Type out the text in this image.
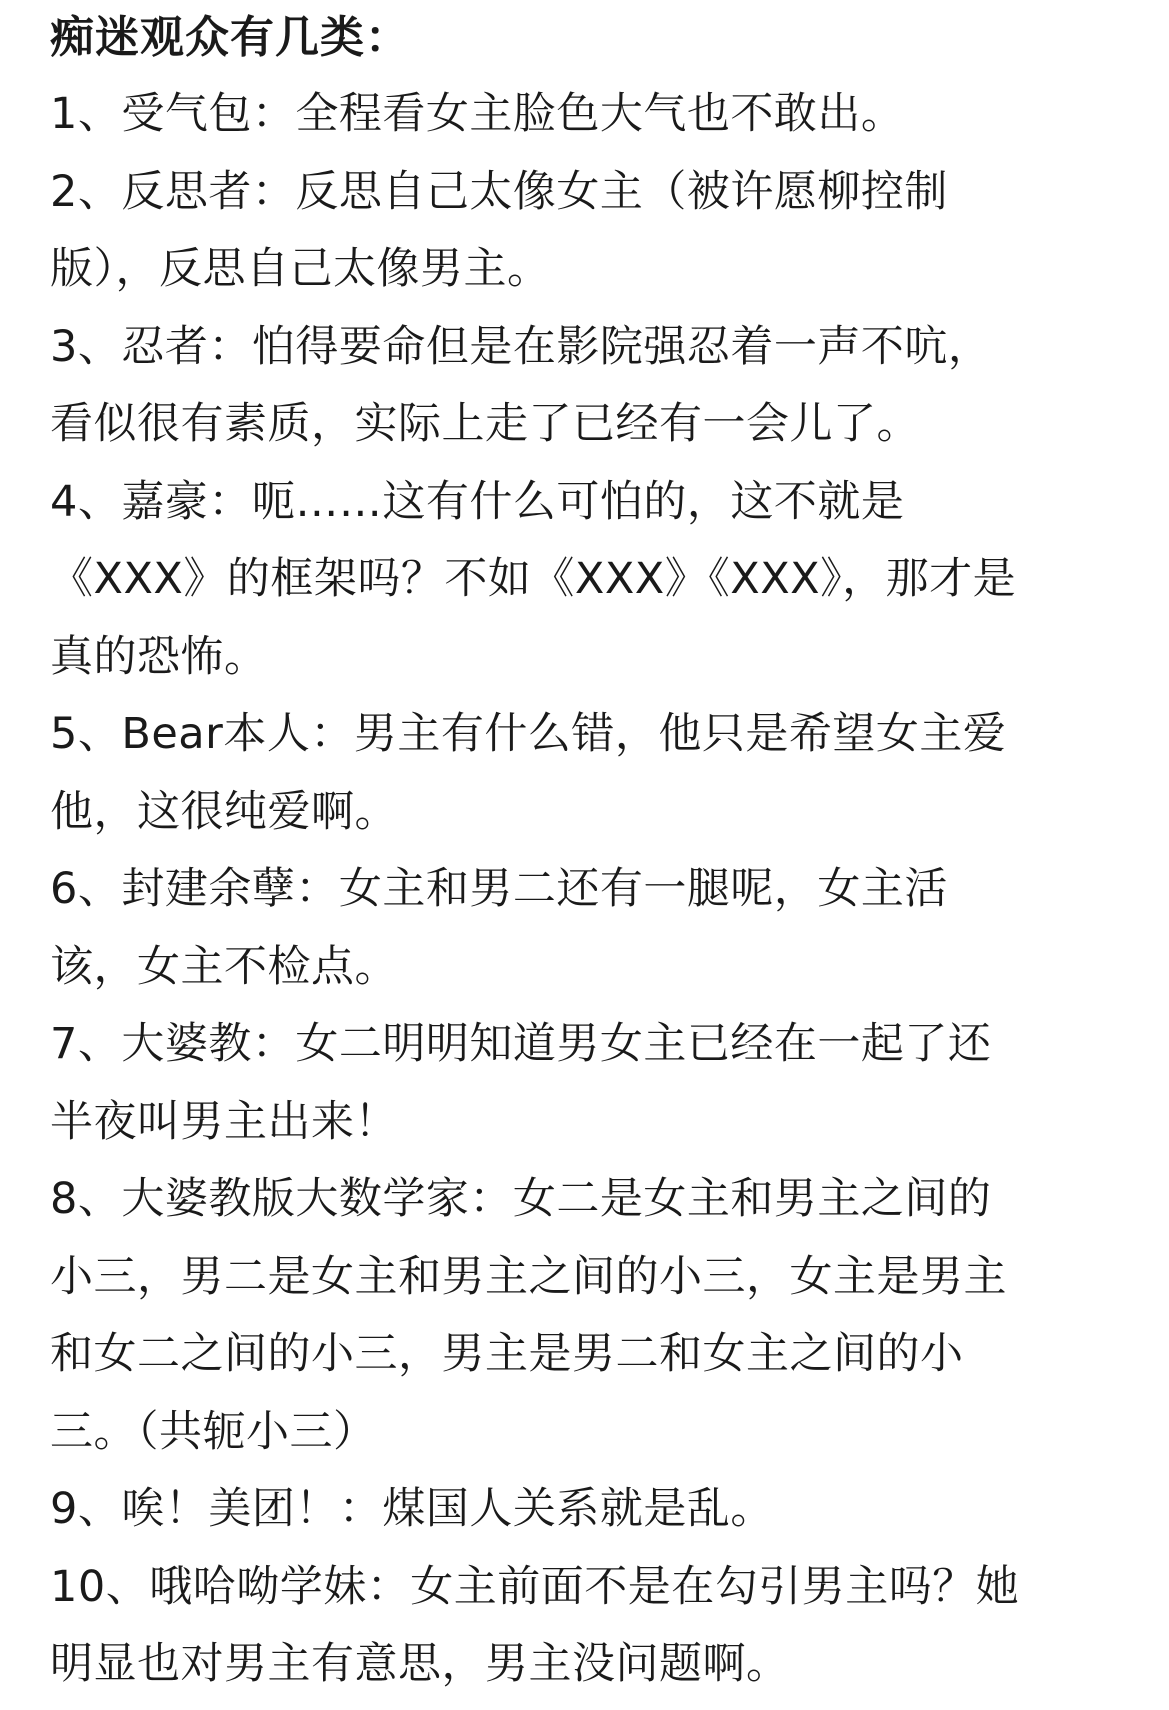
痴迷观众有几类：
1、受气包：全程看女主脸色大气也不敢出。
2、反思者：反思自己太像女主（被许愿柳控制
版），反思自己太像男主。
3、忍者：怕得要命但是在影院强忍着一声不吭，
看似很有素质，实际上走了已经有一会儿了。
4、嘉豪：呃……这有什么可怕的，这不就是
《XXX》的框架吗？不如《XXX》《XXX》，那才是
真的恐怖。
5、Bear本人：男主有什么错，他只是希望女主爱
他，这很纯爱啊。
6、封建余孽：女主和男二还有一腿呢，女主活
该，女主不检点。
7、大婆教：女二明明知道男女主已经在一起了还
半夜叫男主出来！
8、大婆教版大数学家：女二是女主和男主之间的
小三，男二是女主和男主之间的小三，女主是男主
和女二之间的小三，男主是男二和女主之间的小
三。（共轭小三）
9、唉！美团！：煤国人关系就是乱。
10、哦哈呦学妹：女主前面不是在勾引男主吗？她
明显也对男主有意思，男主没问题啊。
